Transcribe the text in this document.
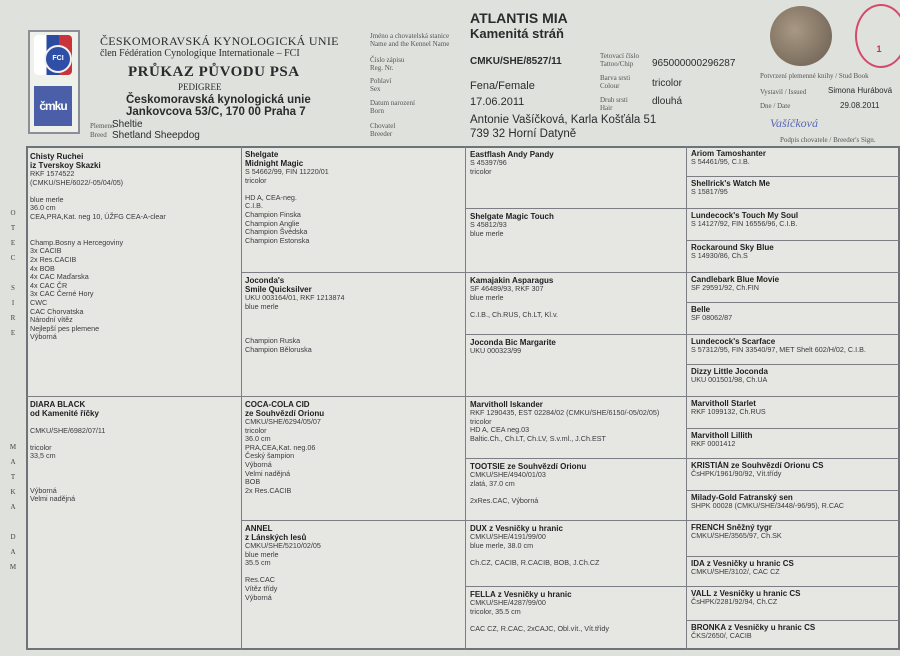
FCI
čmku
ČESKOMORAVSKÁ KYNOLOGICKÁ UNIE
člen Fédération Cynologique Internationale – FCI
PRŮKAZ PŮVODU PSA
PEDIGREE
Českomoravská kynologická unie
Jankovcova 53/C, 170 00 Praha 7
Plemeno
Breed
Sheltie
Shetland Sheepdog
Jméno a chovatelská stanice
Name and the Kennel Name
Číslo zápisu
Reg. Nr.
Pohlaví
Sex
Datum narození
Born
Chovatel
Breeder
ATLANTIS MIA
Kamenitá stráň
CMKU/SHE/8527/11
Fena/Female
17.06.2011
Antonie Vašíčková, Karla Košťála 51
739 32 Horní Datyně
Tetovací číslo
Tattoo/Chip
Barva srsti
Colour
Druh srsti
Hair
965000000296287
tricolor
dlouhá
1
Potvrzení plemenné knihy / Stud Book
Vystavil / Issued
Dne / Date
Simona Hurábová
29.08.2011
Vašíčková
Podpis chovatele / Breeder's Sign.
O
T
E
C

S
I
R
E
M
A
T
K
A

D
A
M
Chisty Ruchei
iz Tverskoy Skazki
RKF 1574522
(CMKU/SHE/6022/-05/04/05)

blue merle
36.0 cm
CEA,PRA,Kat. neg 10, ÚŽFG CEA-A-clear

Champ.Bosny a Hercegoviny
3x CACIB
2x Res.CACIB
4x BOB
4x CAC Maďarska
4x CAC ČR
3x CAC Černé Hory
CWC
CAC Chorvatska
Národní vítěz
Nejlepší pes plemene
Výborná
DIARA BLACK
od Kamenité říčky

CMKU/SHE/6982/07/11

tricolor
33,5 cm

Výborná
Velmi nadějná
Shelgate
Midnight Magic
S 54662/99, FIN 11220/01
tricolor

HD A, CEA-neg.
C.I.B.
Champion Finska
Champion Anglie
Champion Švédska
Champion Estonska
Joconda's
Smile Quicksilver
UKU 003164/01, RKF 1213874
blue merle

Champion Ruska
Champion Běloruska
COCA-COLA CID
ze Souhvězdí Orionu
CMKU/SHE/6294/05/07
tricolor
36.0 cm
PRA,CEA,Kat. neg.06
Český šampion
Výborná
Velmi nadějná
BOB
2x Res.CACIB
ANNEL
z Lánských lesů
CMKU/SHE/5210/02/05
blue merle
35.5 cm

Res.CAC
Vítěz třídy
Výborná
Eastflash Andy Pandy
S 45397/96
tricolor
Shelgate Magic Touch
S 45812/93
blue merle
Kamajakin Asparagus
SF 46489/93, RKF 307
blue merle

C.I.B., Ch.RUS, Ch.LT, Kl.v.
Joconda Bic Margarite
UKU 000323/99
Marvitholl Iskander
RKF 1290435, EST 02284/02 (CMKU/SHE/6150/-05/02/05)
tricolor
HD A, CEA neg.03
Baltic.Ch., Ch.LT, Ch.LV, S.v.ml., J.Ch.EST
TOOTSIE ze Souhvězdí Orionu
CMKU/SHE/4940/01/03
zlatá, 37.0 cm

2xRes.CAC, Výborná
DUX z Vesničky u hranic
CMKU/SHE/4191/99/00
blue merle, 38.0 cm

Ch.CZ, CACIB, R.CACIB, BOB, J.Ch.CZ
FELLA z Vesničky u hranic
CMKU/SHE/4287/99/00
tricolor, 35.5 cm

CAC CZ, R.CAC, 2xCAJC, Obl.vít., Vít.třídy
Ariom Tamoshanter
S 54461/95, C.I.B.
Shellrick's Watch Me
S 15817/95
Lundecock's Touch My Soul
S 14127/92, FIN 16556/96, C.I.B.
Rockaround Sky Blue
S 14930/86, Ch.S
Candlebark Blue Movie
SF 29591/92, Ch.FIN
Belle
SF 08062/87
Lundecock's Scarface
S 57312/95, FIN 33540/97, MET Shelt 602/H/02, C.I.B.
Dizzy Little Joconda
UKU 001501/98, Ch.UA
Marvitholl Starlet
RKF 1099132, Ch.RUS
Marvitholl Lillith
RKF 0001412
KRISTIÁN ze Souhvězdí Orionu CS
ČsHPK/1961/90/92, Vít.třídy
Milady-Gold Fatranský sen
SHPK 00028 (CMKU/SHE/3448/-96/95), R.CAC
FRENCH Sněžný tygr
CMKU/SHE/3565/97, Ch.SK
IDA z Vesničky u hranic CS
CMKU/SHE/3102/, CAC CZ
VALL z Vesničky u hranic CS
ČsHPK/2281/92/94, Ch.CZ
BRONKA z Vesničky u hranic CS
ČKS/2650/, CACIB
